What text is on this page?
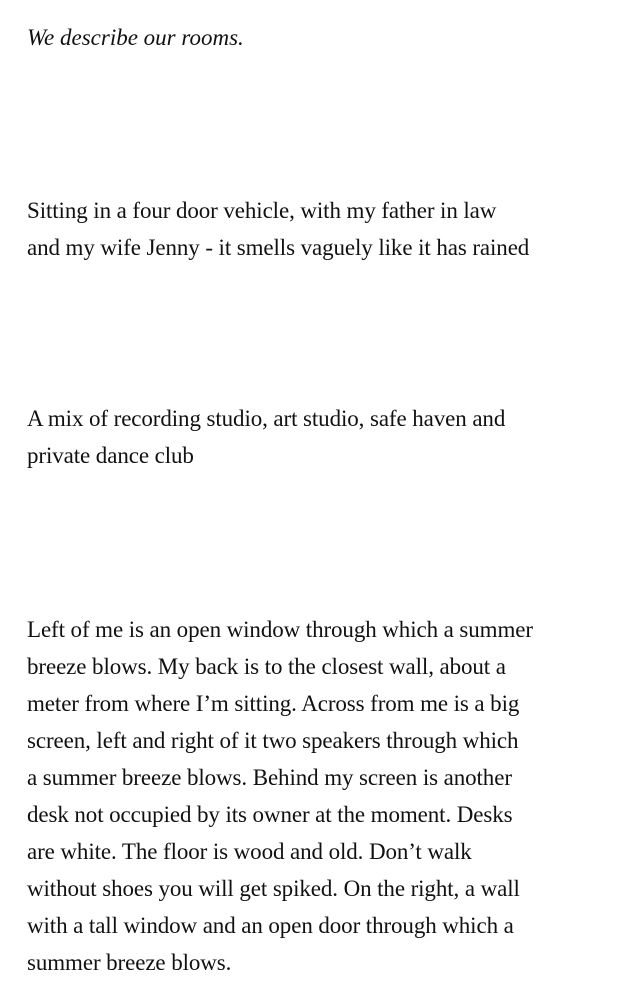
We describe our rooms.

Sitting in a four door vehicle, with my father in law
and my wife Jenny - it smells vaguely like it has rained

A mix of recording studio, art studio, safe haven and
private dance club

Left of me is an open window through which a summer
breeze blows. My back is to the closest wall, about a
meter from where I’m sitting. Across from me is a big
screen, left and right of it two speakers through which
a summer breeze blows. Behind my screen is another
desk not occupied by its owner at the moment. Desks
are white. The floor is wood and old. Don’t walk
without shoes you will get spiked. On the right, a wall
with a tall window and an open door through which a
summer breeze blows.
